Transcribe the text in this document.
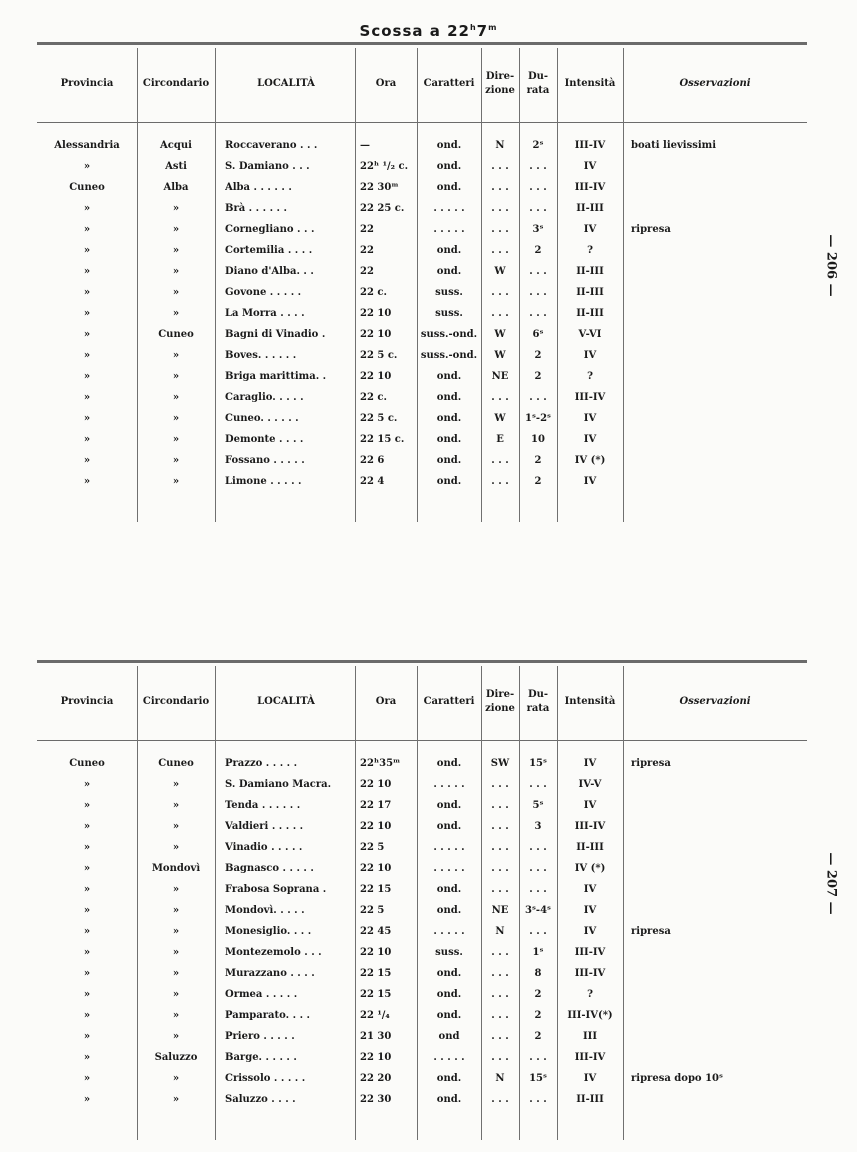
Scossa a 22$^h$7$^m$
Provincia	Circondario	LOCALITÀ	Ora	Caratteri
Dire-
zione
Du-
rata
Intensità	Osservazioni
Alessandria	Acqui	Roccaverano . . .	—	ond.	N	2ˢ	III-IV	boati lievissimi
»	Asti	S. Damiano . . .	22ʰ ¹/₂ c.	ond.	. . .	. . .	IV
Cuneo	Alba	Alba . . . . . .	22 30ᵐ	ond.	. . .	. . .	III-IV
»	»	Brà . . . . . .	22 25 c.	. . . . .	. . .	. . .	II-III
»	»	Cornegliano . . .	22	. . . . .	. . .	3ˢ	IV	ripresa
»	»	Cortemilia . . . .	22	ond.	. . .	2	?
»	»	Diano d'Alba. . .	22	ond.	W	. . .	II-III
»	»	Govone . . . . .	22 c.	suss.	. . .	. . .	II-III
»	»	La Morra . . . .	22 10	suss.	. . .	. . .	II-III
»	Cuneo	Bagni di Vinadio .	22 10	suss.-ond.	W	6ˢ	V-VI
»	»	Boves. . . . . .	22 5 c.	suss.-ond.	W	2	IV
»	»	Briga marittima. .	22 10	ond.	NE	2	?
»	»	Caraglio. . . . .	22 c.	ond.	. . .	. . .	III-IV
»	»	Cuneo. . . . . .	22 5 c.	ond.	W	1ˢ-2ˢ	IV
»	»	Demonte . . . .	22 15 c.	ond.	E	10	IV
»	»	Fossano . . . . .	22 6	ond.	. . .	2	IV (*)
»	»	Limone . . . . .	22 4	ond.	. . .	2	IV
— 206 —
Provincia	Circondario	LOCALITÀ	Ora	Caratteri
Dire-
zione
Du-
rata
Intensità	Osservazioni
Cuneo	Cuneo	Prazzo . . . . .	22ʰ35ᵐ	ond.	SW	15ˢ	IV	ripresa
»	»	S. Damiano Macra.	22 10	. . . . .	. . .	. . .	IV-V
»	»	Tenda . . . . . .	22 17	ond.	. . .	5ˢ	IV
»	»	Valdieri . . . . .	22 10	ond.	. . .	3	III-IV
»	»	Vinadio . . . . .	22 5	. . . . .	. . .	. . .	II-III
»	Mondovì	Bagnasco . . . . .	22 10	. . . . .	. . .	. . .	IV (*)
»	»	Frabosa Soprana .	22 15	ond.	. . .	. . .	IV
»	»	Mondovì. . . . .	22 5	ond.	NE	3ˢ-4ˢ	IV
»	»	Monesiglio. . . .	22 45	. . . . .	N	. . .	IV	ripresa
»	»	Montezemolo . . .	22 10	suss.	. . .	1ˢ	III-IV
»	»	Murazzano . . . .	22 15	ond.	. . .	8	III-IV
»	»	Ormea . . . . .	22 15	ond.	. . .	2	?
»	»	Pamparato. . . .	22 ¹/₄	ond.	. . .	2	III-IV(*)
»	»	Priero . . . . .	21 30	ond	. . .	2	III
»	Saluzzo	Barge. . . . . .	22 10	. . . . .	. . .	. . .	III-IV
»	»	Crissolo . . . . .	22 20	ond.	N	15ˢ	IV	ripresa dopo 10ˢ
»	»	Saluzzo . . . .	22 30	ond.	. . .	. . .	II-III
— 207 —
